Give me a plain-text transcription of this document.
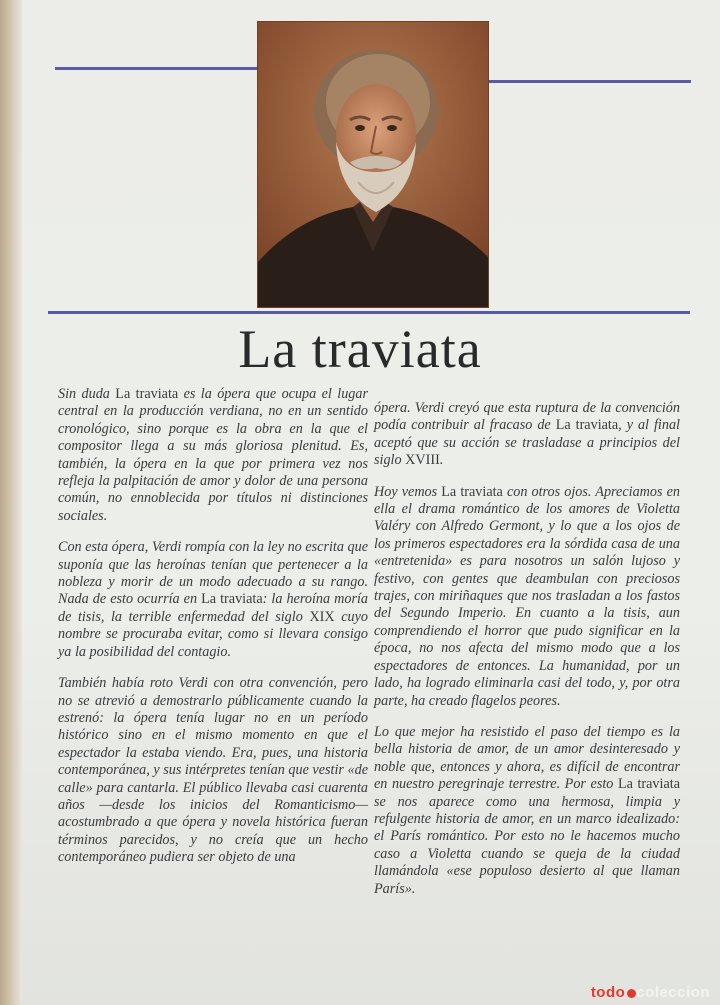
La traviata

Sin duda La traviata es la ópera que ocupa el lugar central en la producción verdiana, no en un sentido cronológico, sino porque es la obra en la que el compositor llega a su más gloriosa plenitud. Es, también, la ópera en la que por primera vez nos refleja la palpitación de amor y dolor de una persona común, no ennoblecida por títulos ni distinciones sociales.

Con esta ópera, Verdi rompía con la ley no escrita que suponía que las heroínas tenían que pertenecer a la nobleza y morir de un modo adecuado a su rango. Nada de esto ocurría en La traviata: la heroína moría de tisis, la terrible enfermedad del siglo XIX cuyo nombre se procuraba evitar, como si llevara consigo ya la posibilidad del contagio.

También había roto Verdi con otra convención, pero no se atrevió a demostrarlo públicamente cuando la estrenó: la ópera tenía lugar no en un período histórico sino en el mismo momento en que el espectador la estaba viendo. Era, pues, una historia contemporánea, y sus intérpretes tenían que vestir «de calle» para cantarla. El público llevaba casi cuarenta años —desde los inicios del Romanticismo— acostumbrado a que ópera y novela histórica fueran términos parecidos, y no creía que un hecho contemporáneo pudiera ser objeto de una

ópera. Verdi creyó que esta ruptura de la convención podía contribuir al fracaso de La traviata, y al final aceptó que su acción se trasladase a principios del siglo XVIII.

Hoy vemos La traviata con otros ojos. Apreciamos en ella el drama romántico de los amores de Violetta Valéry con Alfredo Germont, y lo que a los ojos de los primeros espectadores era la sórdida casa de una «entretenida» es para nosotros un salón lujoso y festivo, con gentes que deambulan con preciosos trajes, con miriñaques que nos trasladan a los fastos del Segundo Imperio. En cuanto a la tisis, aun comprendiendo el horror que pudo significar en la época, no nos afecta del mismo modo que a los espectadores de entonces. La humanidad, por un lado, ha logrado eliminarla casi del todo, y, por otra parte, ha creado flagelos peores.

Lo que mejor ha resistido el paso del tiempo es la bella historia de amor, de un amor desinteresado y noble que, entonces y ahora, es difícil de encontrar en nuestro peregrinaje terrestre. Por esto La traviata se nos aparece como una hermosa, limpia y refulgente historia de amor, en un marco idealizado: el París romántico. Por esto no le hacemos mucho caso a Violetta cuando se queja de la ciudad llamándola «ese populoso desierto al que llaman París».

todo coleccion
